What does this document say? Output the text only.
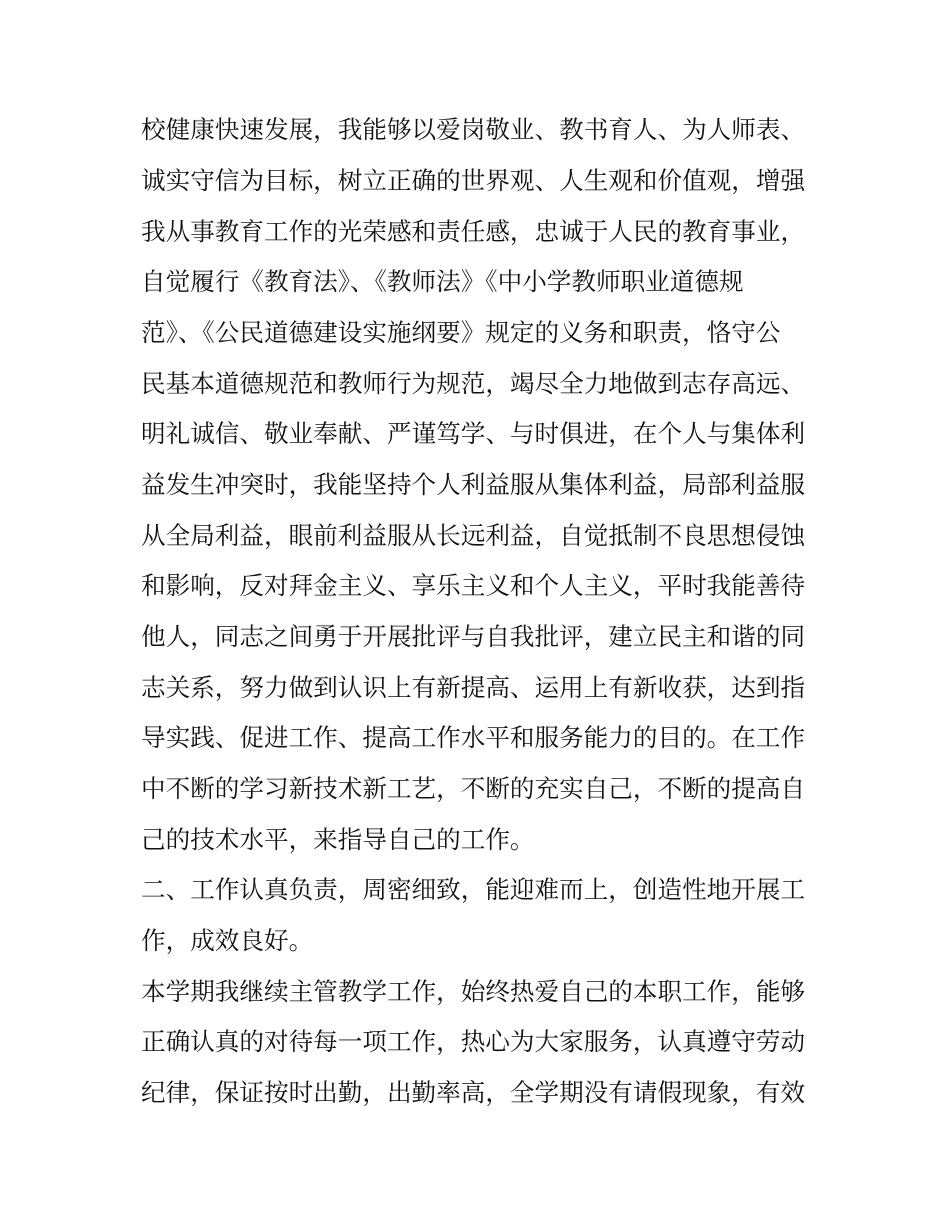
校健康快速发展，我能够以爱岗敬业、教书育人、为人师表、
诚实守信为目标，树立正确的世界观、人生观和价值观，增强
我从事教育工作的光荣感和责任感，忠诚于人民的教育事业，
自觉履行《教育法》、《教师法》《中小学教师职业道德规
范》、《公民道德建设实施纲要》规定的义务和职责，恪守公
民基本道德规范和教师行为规范，竭尽全力地做到志存高远、
明礼诚信、敬业奉献、严谨笃学、与时俱进，在个人与集体利
益发生冲突时，我能坚持个人利益服从集体利益，局部利益服
从全局利益，眼前利益服从长远利益，自觉抵制不良思想侵蚀
和影响，反对拜金主义、享乐主义和个人主义，平时我能善待
他人，同志之间勇于开展批评与自我批评，建立民主和谐的同
志关系，努力做到认识上有新提高、运用上有新收获，达到指
导实践、促进工作、提高工作水平和服务能力的目的。在工作
中不断的学习新技术新工艺，不断的充实自己，不断的提高自
己的技术水平，来指导自己的工作。
二、工作认真负责，周密细致，能迎难而上，创造性地开展工
作，成效良好。
本学期我继续主管教学工作，始终热爱自己的本职工作，能够
正确认真的对待每一项工作，热心为大家服务，认真遵守劳动
纪律，保证按时出勤，出勤率高，全学期没有请假现象，有效
